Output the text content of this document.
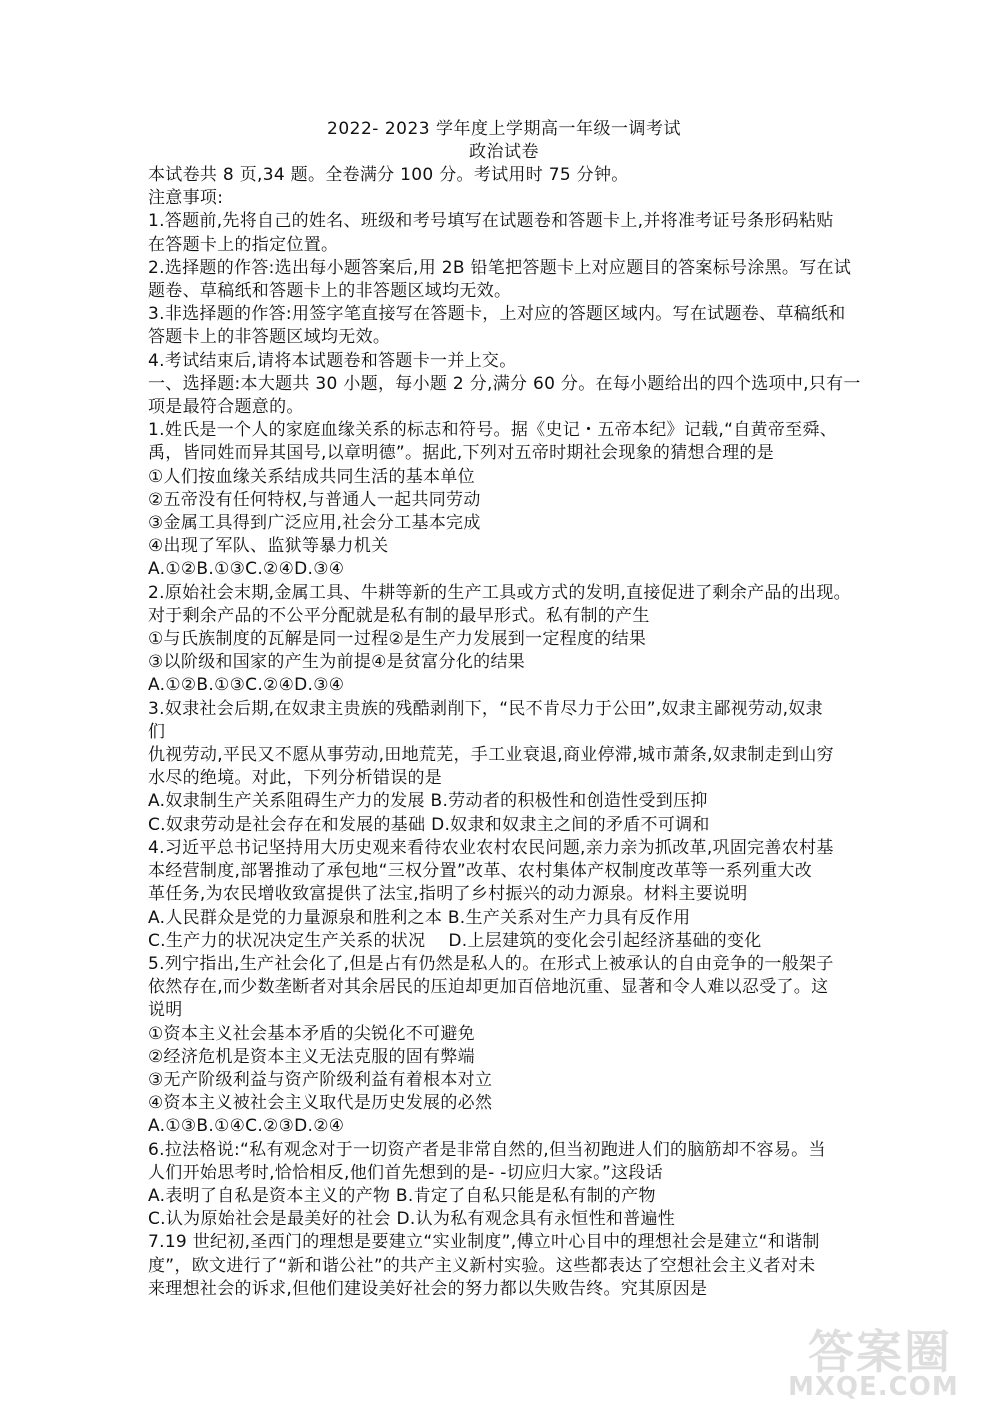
2022- 2023 学年度上学期高一年级一调考试
政治试卷
本试卷共 8 页,34 题。全卷满分 100 分。考试用时 75 分钟。
注意事项:
1.答题前,先将自己的姓名、班级和考号填写在试题卷和答题卡上,并将准考证号条形码粘贴
在答题卡上的指定位置。
2.选择题的作答:选出每小题答案后,用 2B 铅笔把答题卡上对应题目的答案标号涂黑。写在试
题卷、草稿纸和答题卡上的非答题区域均无效。
3.非选择题的作答:用签字笔直接写在答题卡，上对应的答题区域内。写在试题卷、草稿纸和
答题卡上的非答题区域均无效。
4.考试结束后,请将本试题卷和答题卡一并上交。
一、选择题:本大题共 30 小题，每小题 2 分,满分 60 分。在每小题给出的四个选项中,只有一
项是最符合题意的。
1.姓氏是一个人的家庭血缘关系的标志和符号。据《史记・五帝本纪》记载,“自黄帝至舜、
禹，皆同姓而异其国号,以章明德”。据此,下列对五帝时期社会现象的猜想合理的是
①人们按血缘关系结成共同生活的基本单位
②五帝没有任何特权,与普通人一起共同劳动
③金属工具得到广泛应用,社会分工基本完成
④出现了军队、监狱等暴力机关
A.①②B.①③C.②④D.③④
2.原始社会末期,金属工具、牛耕等新的生产工具或方式的发明,直接促进了剩余产品的出现。
对于剩余产品的不公平分配就是私有制的最早形式。私有制的产生
①与氏族制度的瓦解是同一过程②是生产力发展到一定程度的结果
③以阶级和国家的产生为前提④是贫富分化的结果
A.①②B.①③C.②④D.③④
3.奴隶社会后期,在奴隶主贵族的残酷剥削下，“民不肯尽力于公田”,奴隶主鄙视劳动,奴隶
们
仇视劳动,平民又不愿从事劳动,田地荒芜，手工业衰退,商业停滞,城市萧条,奴隶制走到山穷
水尽的绝境。对此，下列分析错误的是
A.奴隶制生产关系阻碍生产力的发展 B.劳动者的积极性和创造性受到压抑
C.奴隶劳动是社会存在和发展的基础 D.奴隶和奴隶主之间的矛盾不可调和
4.习近平总书记坚持用大历史观来看待农业农村农民问题,亲力亲为抓改革,巩固完善农村基
本经营制度,部署推动了承包地“三权分置”改革、农村集体产权制度改革等一系列重大改
革任务,为农民增收致富提供了法宝,指明了乡村振兴的动力源泉。材料主要说明
A.人民群众是党的力量源泉和胜利之本 B.生产关系对生产力具有反作用
C.生产力的状况决定生产关系的状况　 D.上层建筑的变化会引起经济基础的变化
5.列宁指出,生产社会化了,但是占有仍然是私人的。在形式上被承认的自由竞争的一般架子
依然存在,而少数垄断者对其余居民的压迫却更加百倍地沉重、显著和令人难以忍受了。这
说明
①资本主义社会基本矛盾的尖锐化不可避免
②经济危机是资本主义无法克服的固有弊端
③无产阶级利益与资产阶级利益有着根本对立
④资本主义被社会主义取代是历史发展的必然
A.①③B.①④C.②③D.②④
6.拉法格说:“私有观念对于一切资产者是非常自然的,但当初跑进人们的脑筋却不容易。当
人们开始思考时,恰恰相反,他们首先想到的是- -切应归大家。”这段话
A.表明了自私是资本主义的产物 B.肯定了自私只能是私有制的产物
C.认为原始社会是最美好的社会 D.认为私有观念具有永恒性和普遍性
7.19 世纪初,圣西门的理想是要建立“实业制度”,傅立叶心目中的理想社会是建立“和谐制
度”，欧文进行了“新和谐公社”的共产主义新村实验。这些都表达了空想社会主义者对未
来理想社会的诉求,但他们建设美好社会的努力都以失败告终。究其原因是
答案圈
MXQE.COM
